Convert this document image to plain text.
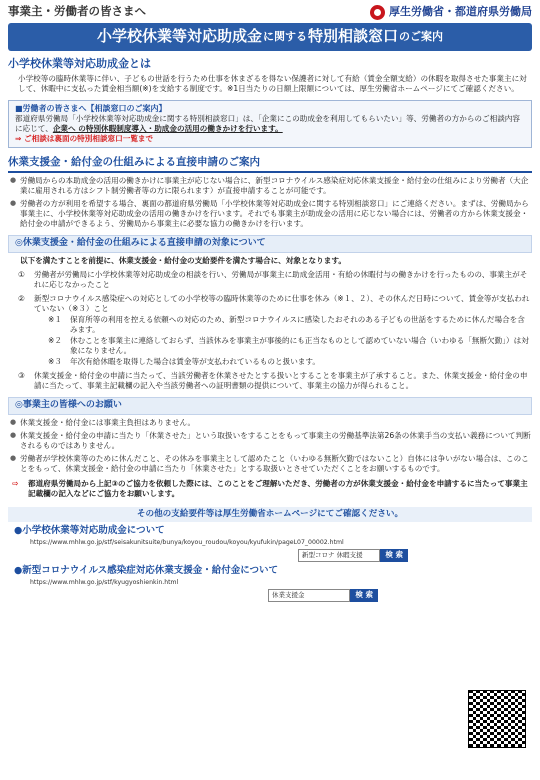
事業主・労働者の皆さまへ	厚生労働省・都道府県労働局
小学校休業等対応助成金 に関する 特別相談窓口 のご案内
小学校休業等対応助成金とは
小学校等の臨時休業等に伴い、子どもの世話を行うため仕事を休まざるを得ない保護者に対して有給（賃金全額支給）の休暇を取得させた事業主に対して、休暇中に支払った賃金相当額(※)を支給する制度です。※1日当たりの日額上限額については、厚生労働省ホームページにてご確認ください。
■労働者の皆さまへ【相談窓口のご案内】
都道府県労働局「小学校休業等対応助成金に関する特別相談窓口」は、「企業にこの助成金を利用してもらいたい」等、労働者の方からのご相談内容に応じて、企業へ の特別休暇制度導入・助成金の活用の働きかけを行います。
⇒ ご相談は裏面の特別相談窓口一覧まで
休業支援金・給付金の仕組みによる直接申請のご案内
● 労働局からの本助成金の活用の働きかけに事業主が応じない場合に、新型コロナウイルス感染症対応休業支援金・給付金の仕組みにより労働者（大企業に雇用される方はシフト制労働者等の方に限られます）が直接申請することが可能です。
● 労働者の方が利用を希望する場合、裏面の都道府県労働局「小学校休業等対応助成金に関する特別相談窓口」にご連絡ください。まずは、労働局から事業主に、小学校休業等対応助成金の活用の働きかけを行います。それでも事業主が助成金の活用に応じない場合には、労働者の方から休業支援金・給付金の申請ができるよう、労働局から事業主に必要な協力の働きかけを行います。
◎休業支援金・給付金の仕組みによる直接申請の対象について
以下を満たすことを前提に、休業支援金・給付金の支給要件を満たす場合に、対象となります。
①	労働者が労働局に小学校休業等対応助成金の相談を行い、労働局が事業主に助成金活用・有給の休暇付与の働きかけを行ったものの、事業主がそれに応じなかったこと
②	新型コロナウイルス感染症への対応としての小学校等の臨時休業等のために仕事を休み（※１、２）、その休んだ日時について、賃金等が支払われていない（※３）こと
※１ 保育所等の利用を控える依頼への対応のため、新型コロナウイルスに感染したおそれのある子どもの世話をするために休んだ場合を含みます。
※２ 休むことを事業主に連絡しておらず、当該休みを事業主が事後的にも正当なものとして認めていない場合（いわゆる「無断欠勤」）は対象になりません。
※３ 年次有給休暇を取得した場合は賃金等が支払われているものと扱います。
③	休業支援金・給付金の申請に当たって、当該労働者を休業させたとする扱いとすることを事業主が了承すること。また、休業支援金・給付金の申請に当たって、事業主記載欄の記入や当該労働者への証明書類の提供について、事業主の協力が得られること。
◎事業主の皆様へのお願い
● 休業支援金・給付金には事業主負担はありません。
● 休業支援金・給付金の申請に当たり「休業させた」という取扱いをすることをもって事業主の労働基準法第26条の休業手当の支払い義務について判断されるものではありません。
● 労働者が学校休業等のために休んだこと、その休みを事業主として認めたこと（いわゆる無断欠勤ではないこと）自体には争いがない場合は、このことをもって、休業支援金・給付金の申請に当たり「休業させた」とする取扱いとさせていただくことをお願いするものです。
⇨	都道府県労働局から上記③のご協力を依頼した際には、このことをご理解いただき、労働者の方が休業支援金・給付金を申請するに当たって事業主記載欄の記入などにご協力をお願いします。
その他の支給要件等は厚生労働省ホームページにてご確認ください。
●小学校休業等対応助成金について
https://www.mhlw.go.jp/stf/seisakunitsuite/bunya/koyou_roudou/koyou/kyufukin/pageL07_00002.html
新型コロナ 休暇支援	検 索
●新型コロナウイルス感染症対応休業支援金・給付金について
https://www.mhlw.go.jp/stf/kyugyoshienkin.html
休業支援金	検 索
